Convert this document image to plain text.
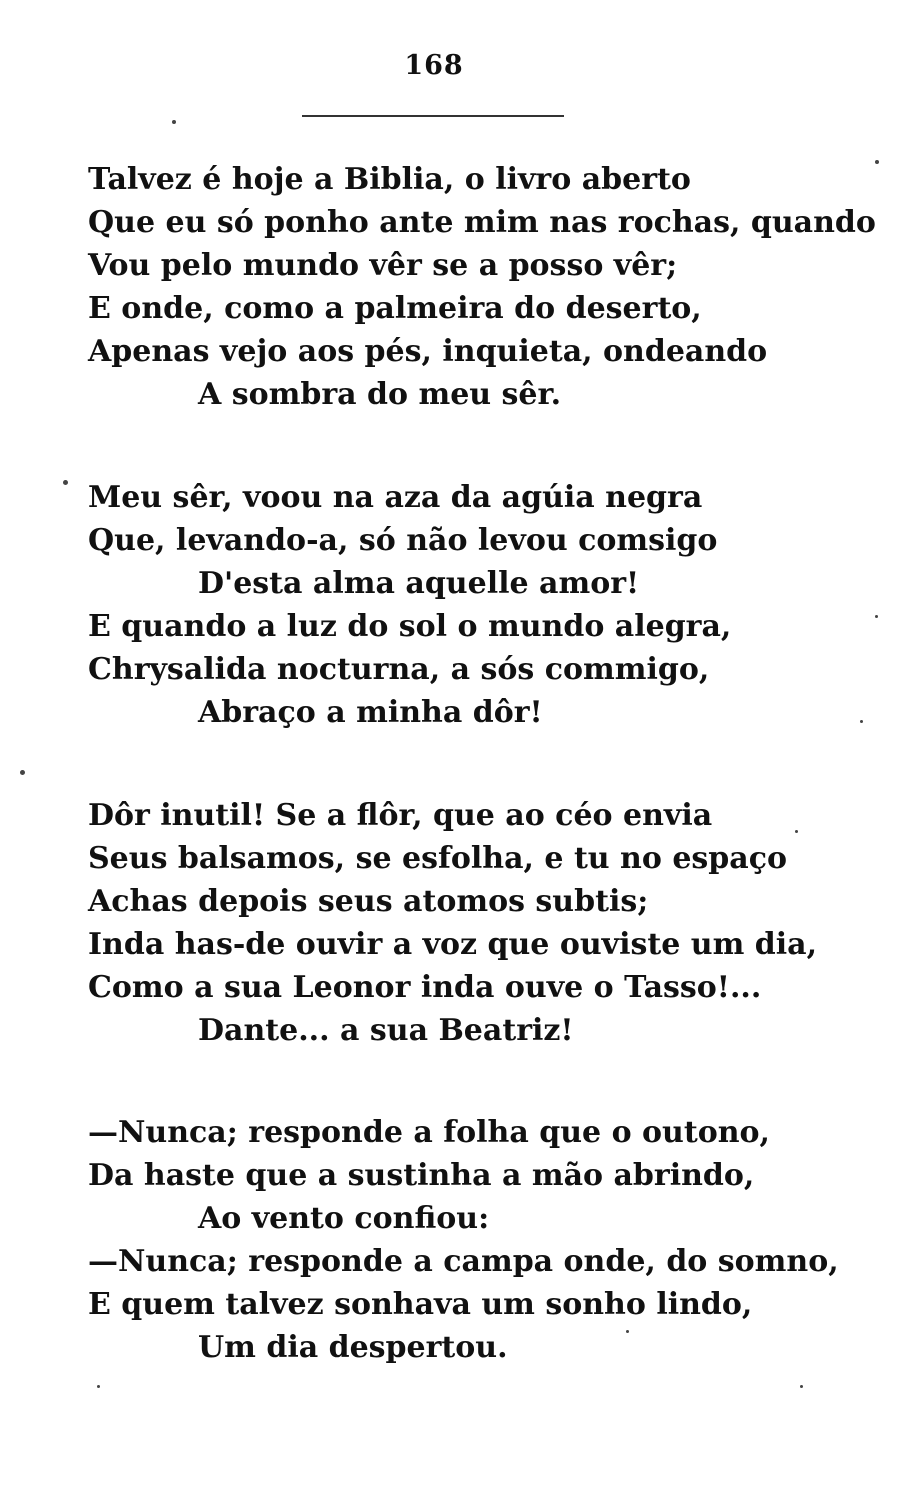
168
Talvez é hoje a Biblia, o livro aberto
Que eu só ponho ante mim nas rochas, quando
Vou pelo mundo vêr se a posso vêr;
E onde, como a palmeira do deserto,
Apenas vejo aos pés, inquieta, ondeando
A sombra do meu sêr.
Meu sêr, voou na aza da agúia negra
Que, levando-a, só não levou comsigo
D'esta alma aquelle amor!
E quando a luz do sol o mundo alegra,
Chrysalida nocturna, a sós commigo,
Abraço a minha dôr!
Dôr inutil! Se a flôr, que ao céo envia
Seus balsamos, se esfolha, e tu no espaço
Achas depois seus atomos subtis;
Inda has-de ouvir a voz que ouviste um dia,
Como a sua Leonor inda ouve o Tasso!...
Dante... a sua Beatriz!
—Nunca; responde a folha que o outono,
Da haste que a sustinha a mão abrindo,
Ao vento confiou:
—Nunca; responde a campa onde, do somno,
E quem talvez sonhava um sonho lindo,
Um dia despertou.
